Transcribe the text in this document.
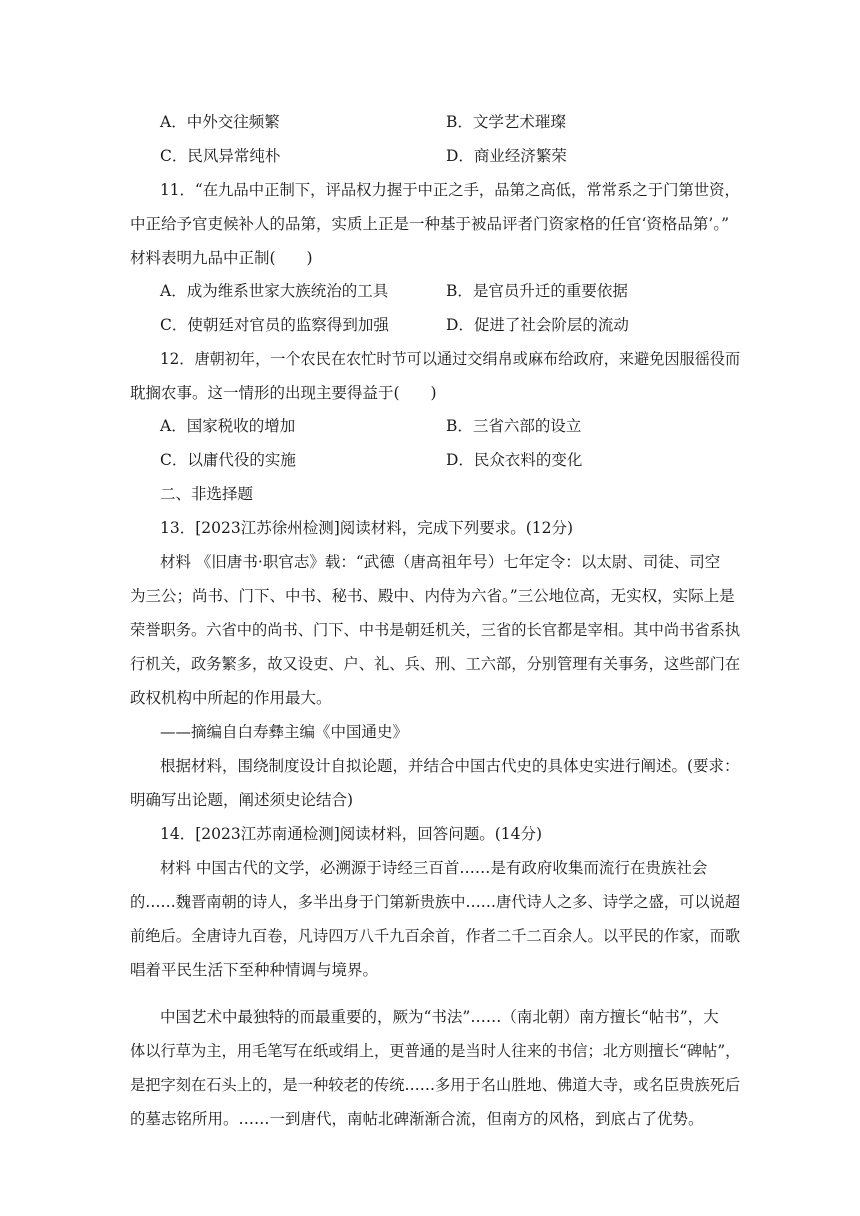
A．中外交往频繁	B．文学艺术璀璨
C．民风异常纯朴	D．商业经济繁荣
11．“在九品中正制下，评品权力握于中正之手，品第之高低，常常系之于门第世资，
中正给予官吏候补人的品第，实质上正是一种基于被品评者门资家格的任官‘资格品第’。”
材料表明九品中正制(　　)
A．成为维系世家大族统治的工具	B．是官员升迁的重要依据
C．使朝廷对官员的监察得到加强	D．促进了社会阶层的流动
12．唐朝初年，一个农民在农忙时节可以通过交绢帛或麻布给政府，来避免因服徭役而
耽搁农事。这一情形的出现主要得益于(　　)
A．国家税收的增加	B．三省六部的设立
C．以庸代役的实施	D．民众衣料的变化
二、非选择题
13．[2023江苏徐州检测]阅读材料，完成下列要求。(12分)
材料 《旧唐书·职官志》载：“武德（唐高祖年号）七年定令：以太尉、司徒、司空
为三公；尚书、门下、中书、秘书、殿中、内侍为六省。”三公地位高，无实权，实际上是
荣誉职务。六省中的尚书、门下、中书是朝廷机关，三省的长官都是宰相。其中尚书省系执
行机关，政务繁多，故又设吏、户、礼、兵、刑、工六部，分别管理有关事务，这些部门在
政权机构中所起的作用最大。
——摘编自白寿彝主编《中国通史》
根据材料，围绕制度设计自拟论题，并结合中国古代史的具体史实进行阐述。(要求：
明确写出论题，阐述须史论结合)
14．[2023江苏南通检测]阅读材料，回答问题。(14分)
材料 中国古代的文学，必溯源于诗经三百首……是有政府收集而流行在贵族社会
的……魏晋南朝的诗人，多半出身于门第新贵族中……唐代诗人之多、诗学之盛，可以说超
前绝后。全唐诗九百卷，凡诗四万八千九百余首，作者二千二百余人。以平民的作家，而歌
唱着平民生活下至种种情调与境界。
中国艺术中最独特的而最重要的，厥为“书法”……（南北朝）南方擅长“帖书”，大
体以行草为主，用毛笔写在纸或绢上，更普通的是当时人往来的书信；北方则擅长“碑帖”，
是把字刻在石头上的，是一种较老的传统……多用于名山胜地、佛道大寺，或名臣贵族死后
的墓志铭所用。……一到唐代，南帖北碑渐渐合流，但南方的风格，到底占了优势。
